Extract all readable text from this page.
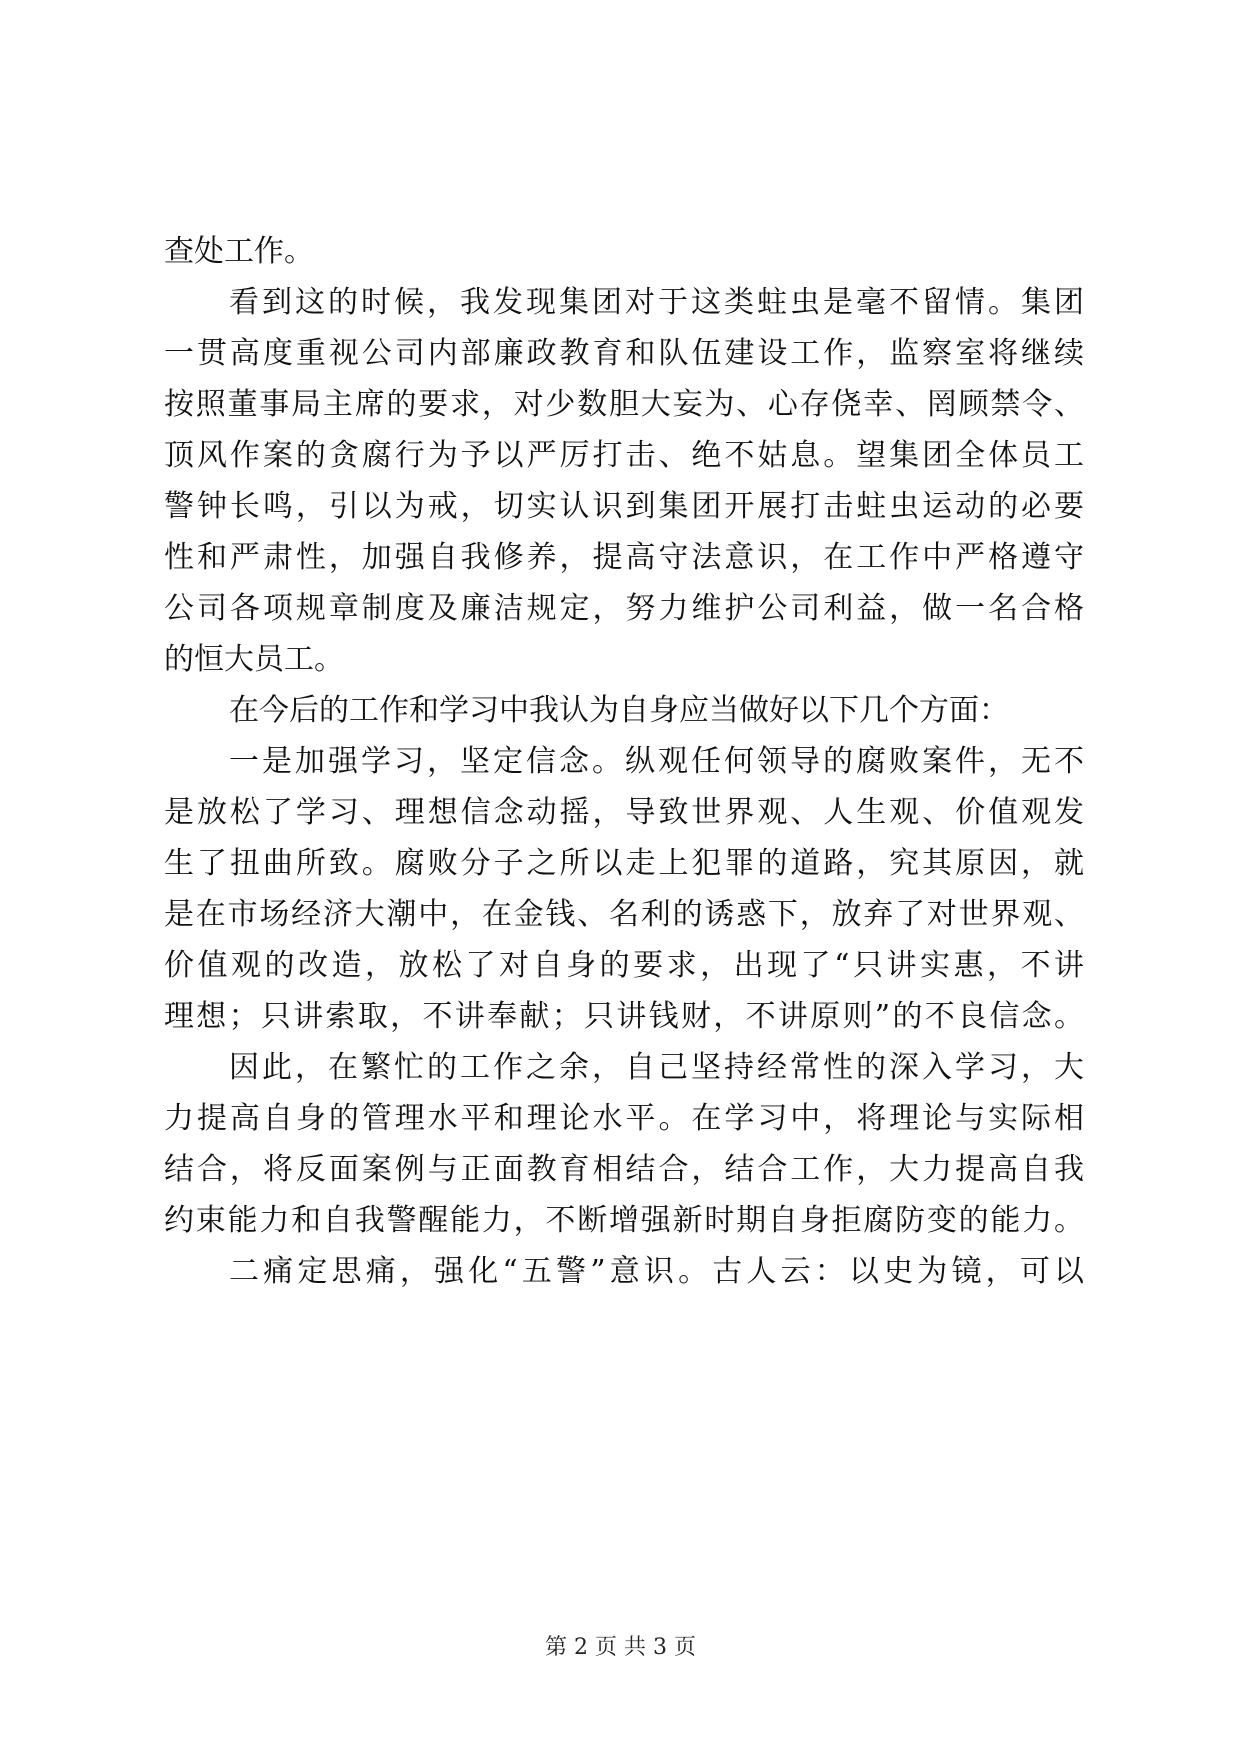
查处工作。
看到这的时候，我发现集团对于这类蛀虫是毫不留情。集团
一贯高度重视公司内部廉政教育和队伍建设工作，监察室将继续
按照董事局主席的要求，对少数胆大妄为、心存侥幸、罔顾禁令、
顶风作案的贪腐行为予以严厉打击、绝不姑息。望集团全体员工
警钟长鸣，引以为戒，切实认识到集团开展打击蛀虫运动的必要
性和严肃性，加强自我修养，提高守法意识，在工作中严格遵守
公司各项规章制度及廉洁规定，努力维护公司利益，做一名合格
的恒大员工。
在今后的工作和学习中我认为自身应当做好以下几个方面：
一是加强学习，坚定信念。纵观任何领导的腐败案件，无不
是放松了学习、理想信念动摇，导致世界观、人生观、价值观发
生了扭曲所致。腐败分子之所以走上犯罪的道路，究其原因，就
是在市场经济大潮中，在金钱、名利的诱惑下，放弃了对世界观、
价值观的改造，放松了对自身的要求，出现了“只讲实惠，不讲
理想；只讲索取，不讲奉献；只讲钱财，不讲原则”的不良信念。
因此，在繁忙的工作之余，自己坚持经常性的深入学习，大
力提高自身的管理水平和理论水平。在学习中，将理论与实际相
结合，将反面案例与正面教育相结合，结合工作，大力提高自我
约束能力和自我警醒能力，不断增强新时期自身拒腐防变的能力。
二痛定思痛，强化“五警”意识。古人云：以史为镜，可以
第 2 页 共 3 页
